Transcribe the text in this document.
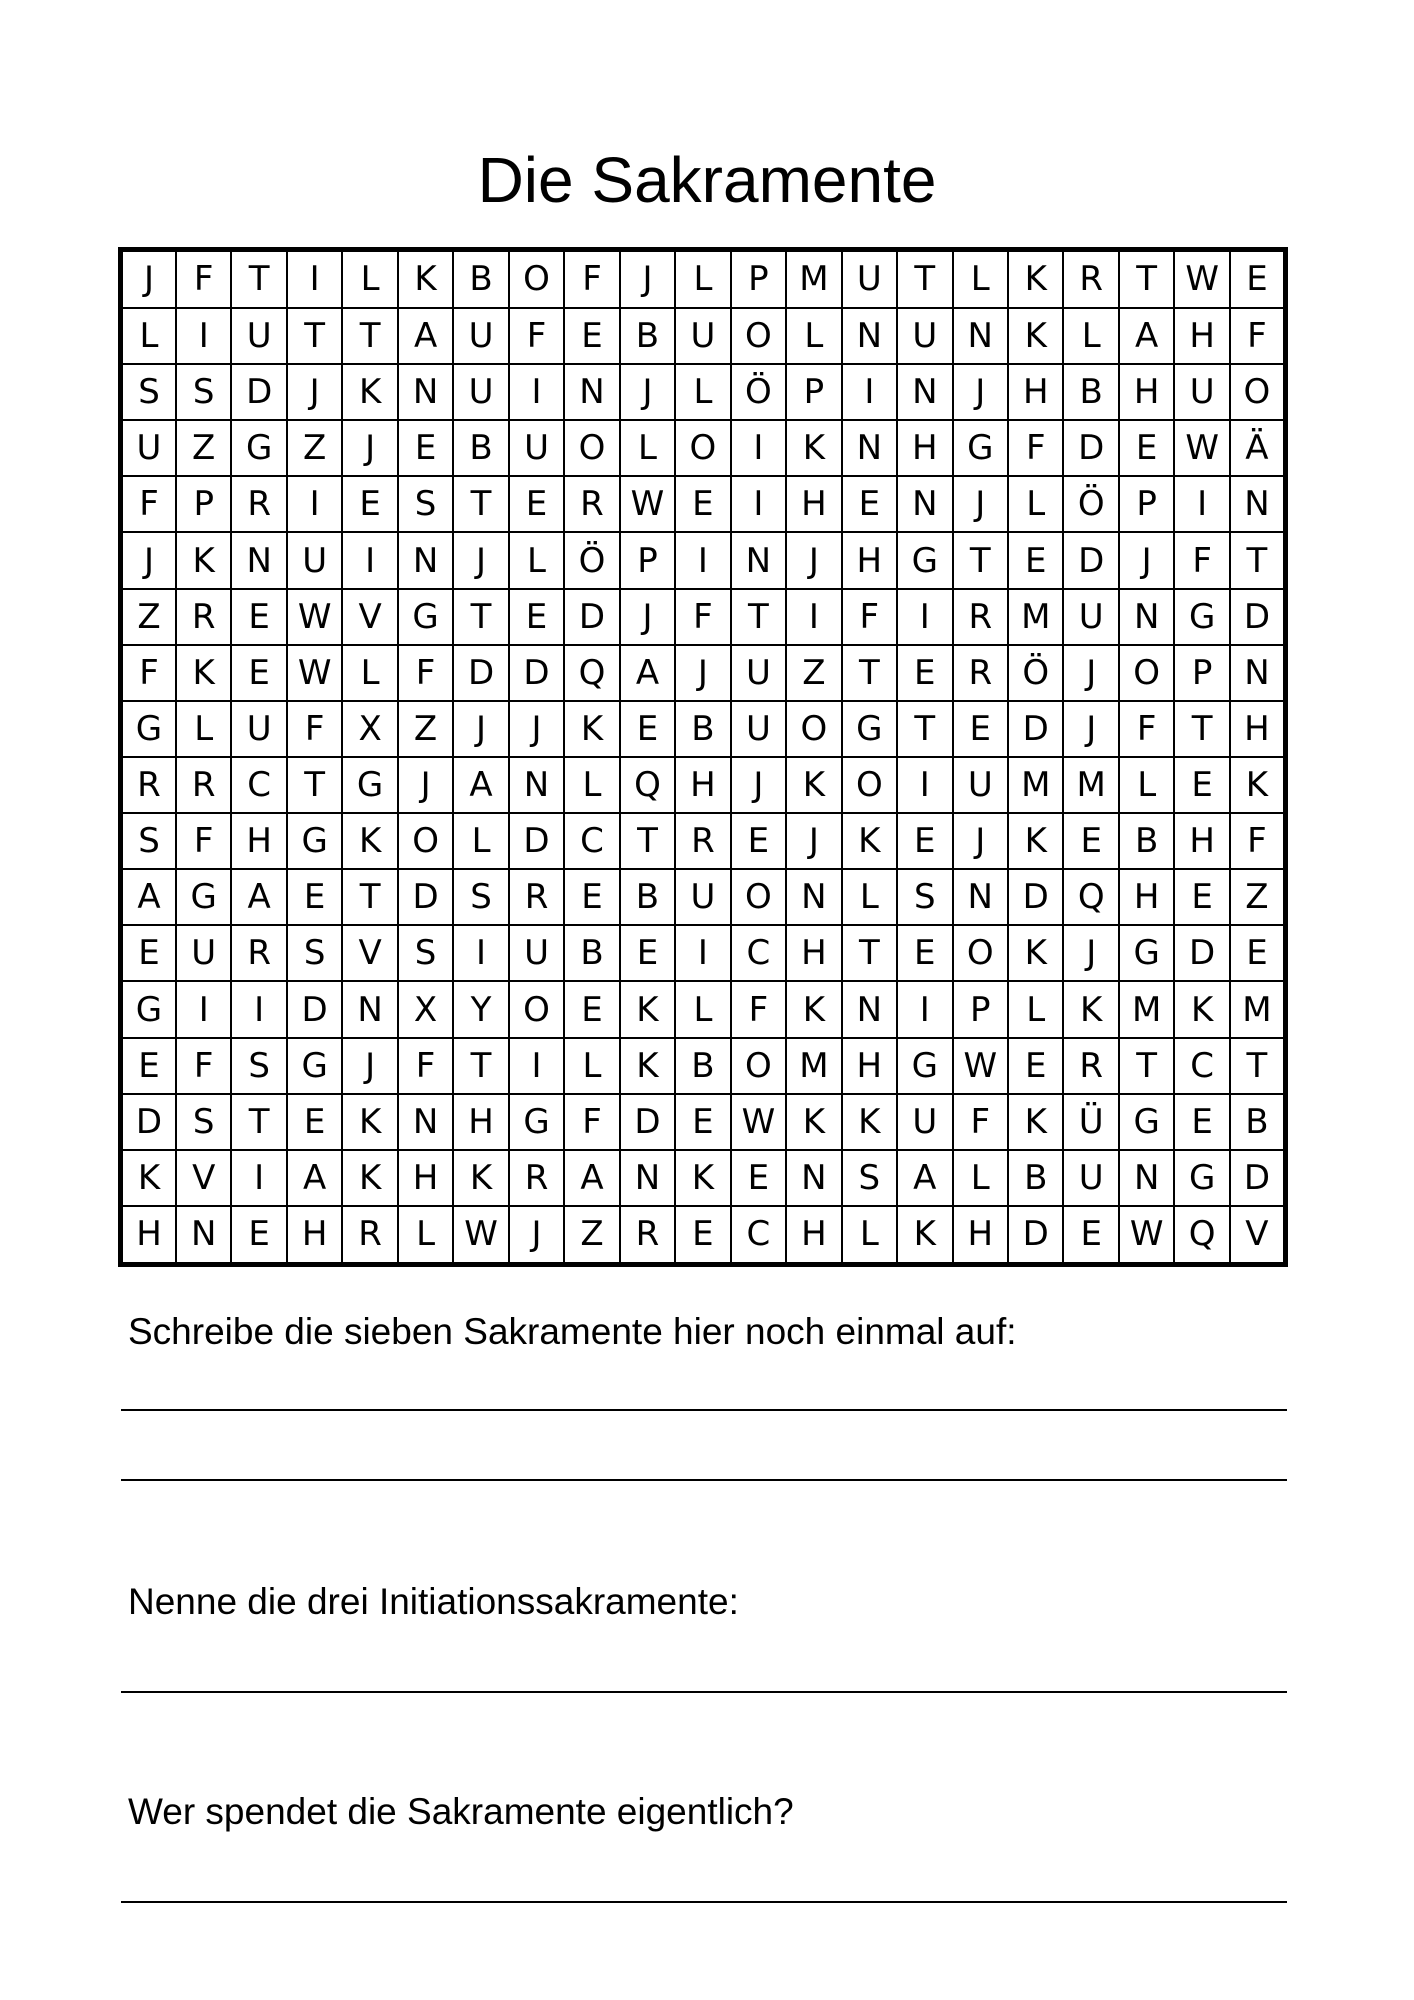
Die Sakramente
J	F	T	I	L	K	B	O	F	J	L	P	M	U	T	L	K	R	T	W	E
L	I	U	T	T	A	U	F	E	B	U	O	L	N	U	N	K	L	A	H	F
S	S	D	J	K	N	U	I	N	J	L	Ö	P	I	N	J	H	B	H	U	O
U	Z	G	Z	J	E	B	U	O	L	O	I	K	N	H	G	F	D	E	W	Ä
F	P	R	I	E	S	T	E	R	W	E	I	H	E	N	J	L	Ö	P	I	N
J	K	N	U	I	N	J	L	Ö	P	I	N	J	H	G	T	E	D	J	F	T
Z	R	E	W	V	G	T	E	D	J	F	T	I	F	I	R	M	U	N	G	D
F	K	E	W	L	F	D	D	Q	A	J	U	Z	T	E	R	Ö	J	O	P	N
G	L	U	F	X	Z	J	J	K	E	B	U	O	G	T	E	D	J	F	T	H
R	R	C	T	G	J	A	N	L	Q	H	J	K	O	I	U	M	M	L	E	K
S	F	H	G	K	O	L	D	C	T	R	E	J	K	E	J	K	E	B	H	F
A	G	A	E	T	D	S	R	E	B	U	O	N	L	S	N	D	Q	H	E	Z
E	U	R	S	V	S	I	U	B	E	I	C	H	T	E	O	K	J	G	D	E
G	I	I	D	N	X	Y	O	E	K	L	F	K	N	I	P	L	K	M	K	M
E	F	S	G	J	F	T	I	L	K	B	O	M	H	G	W	E	R	T	C	T
D	S	T	E	K	N	H	G	F	D	E	W	K	K	U	F	K	Ü	G	E	B
K	V	I	A	K	H	K	R	A	N	K	E	N	S	A	L	B	U	N	G	D
H	N	E	H	R	L	W	J	Z	R	E	C	H	L	K	H	D	E	W	Q	V
Schreibe die sieben Sakramente hier noch einmal auf:
Nenne die drei Initiationssakramente:
Wer spendet die Sakramente eigentlich?
